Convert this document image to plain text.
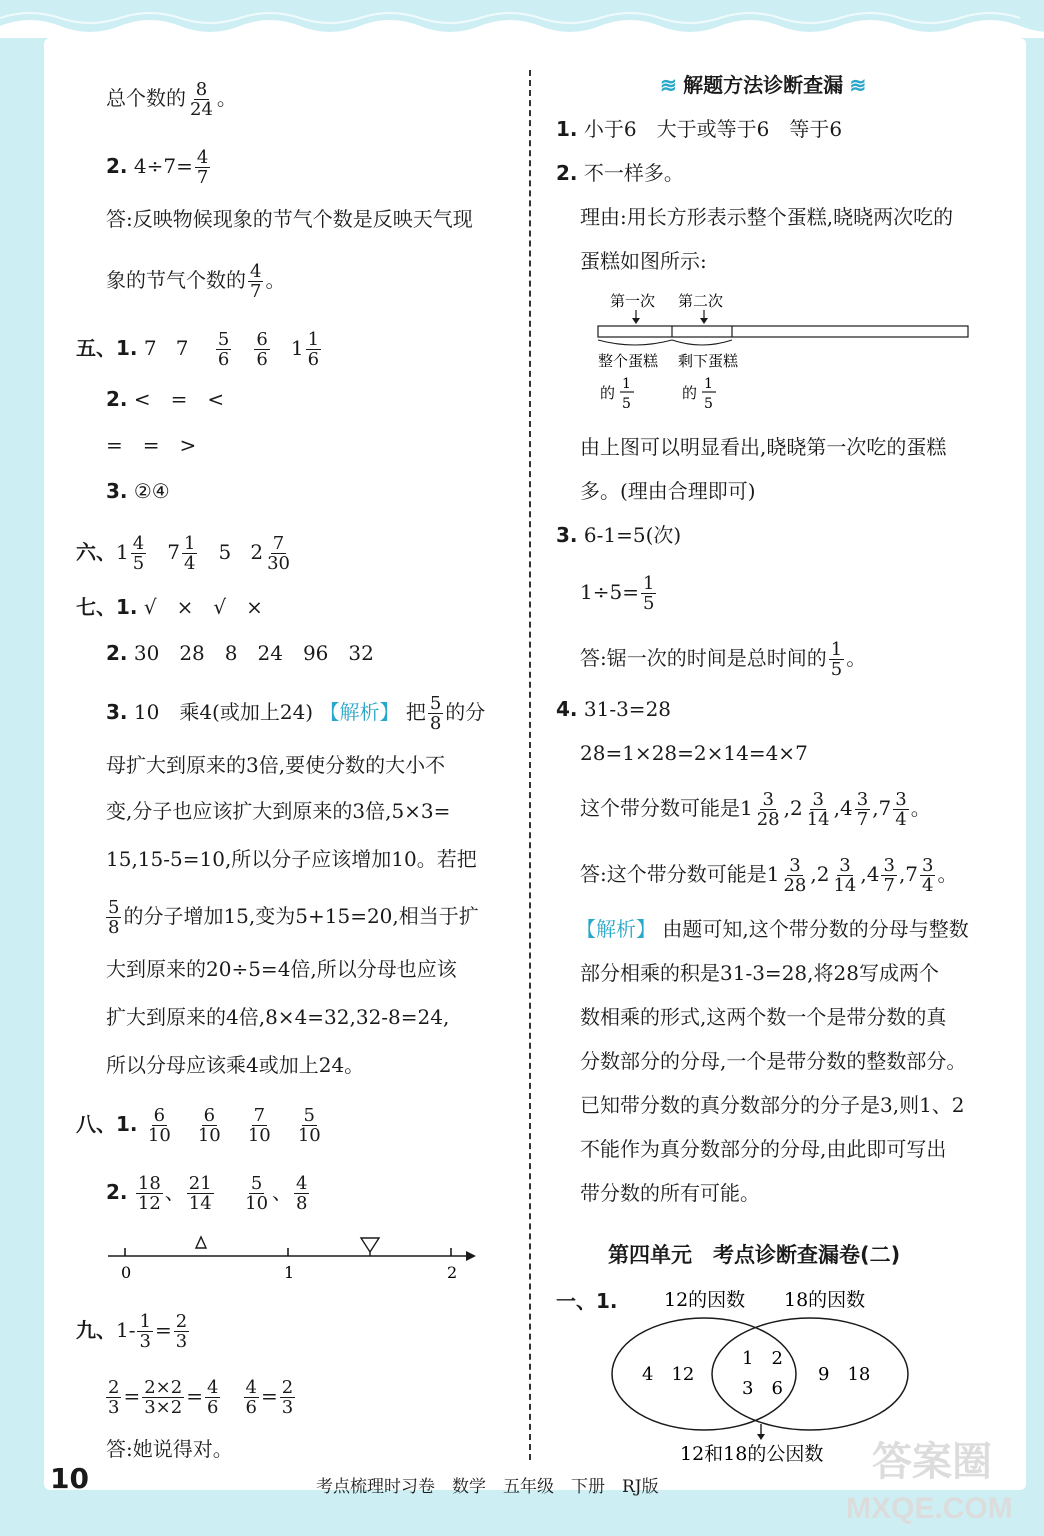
总个数的 $\frac{8}{24}$ 。
2. $4\div 7= \frac{4}{7}$
答:反映物候现象的节气个数是反映天气现
象的节气个数的 $\frac{4}{7}$ 。
五、1. 7 $7 \frac{5}{6}$
$\frac{6}{6} 1 \frac{1}{6}$
2. <　=　<
=　=　>
3. ②④
六、$1 \frac{4}{5} 7 \frac{1}{4} 5$ $2 \frac{7}{30}$
七、1. √　×　√　×
2. 30　28　8　24　96　32
3. 10　乘4(或加上24) 【解析】 把 $\frac{5}{8}$ 的分
母扩大到原来的3倍,要使分数的大小不
变,分子也应该扩大到原来的3倍,5×3=
15,15-5=10,所以分子应该增加10。若把
$\frac{5}{8}$ 的分子增加15,变为5+15=20,相当于扩
大到原来的20÷5=4倍,所以分母也应该
扩大到原来的4倍,8×4=32,32-8=24,
所以分母应该乘4或加上24。
八、1. $\frac{6}{10}$
$\frac{6}{10}$
$\frac{7}{10}$
$\frac{5}{10}$
2. $\frac{18}{12}$ 、 $\frac{21}{14}$
$\frac{5}{10}$ 、 $\frac{4}{8}$
0	1	2
九、$1- \frac{1}{3} = \frac{2}{3}$
$\frac{2}{3} = \frac{2\times 2}{3\times 2} = \frac{4}{6}$
$\frac{4}{6} = \frac{2}{3}$
答:她说得对。
≋ 解题方法诊断查漏 ≋
1. 小于6　大于或等于6　等于6
2. 不一样多。
理由:用长方形表示整个蛋糕,晓晓两次吃的
蛋糕如图所示:
第一次 第二次
整个蛋糕 剩下蛋糕
的 1
5
的 1
5
由上图可以明显看出,晓晓第一次吃的蛋糕
多。(理由合理即可)
3. 6-1=5(次)
$1\div 5= \frac{1}{5}$
答:锯一次的时间是总时间的 $\frac{1}{5}$ 。
4. 31-3=28
28=1×28=2×14=4×7
这个带分数可能是$1 \frac{3}{28} ,2 \frac{3}{14} ,4 \frac{3}{7} ,7 \frac{3}{4}$ 。
答:这个带分数可能是$1 \frac{3}{28} ,2 \frac{3}{14} ,4 \frac{3}{7} ,7 \frac{3}{4}$ 。
【解析】 由题可知,这个带分数的分母与整数
部分相乘的积是31-3=28,将28写成两个
数相乘的形式,这两个数一个是带分数的真
分数部分的分母,一个是带分数的整数部分。
已知带分数的真分数部分的分子是3,则1、2
不能作为真分数部分的分母,由此即可写出
带分数的所有可能。
第四单元　考点诊断查漏卷(二)
一、1. 12的因数 18的因数
4　12
1　2
3　6
9　18
12和18的公因数
10	考点梳理时习卷　数学　五年级　下册　RJ版
答案圈
MXQE.COM
